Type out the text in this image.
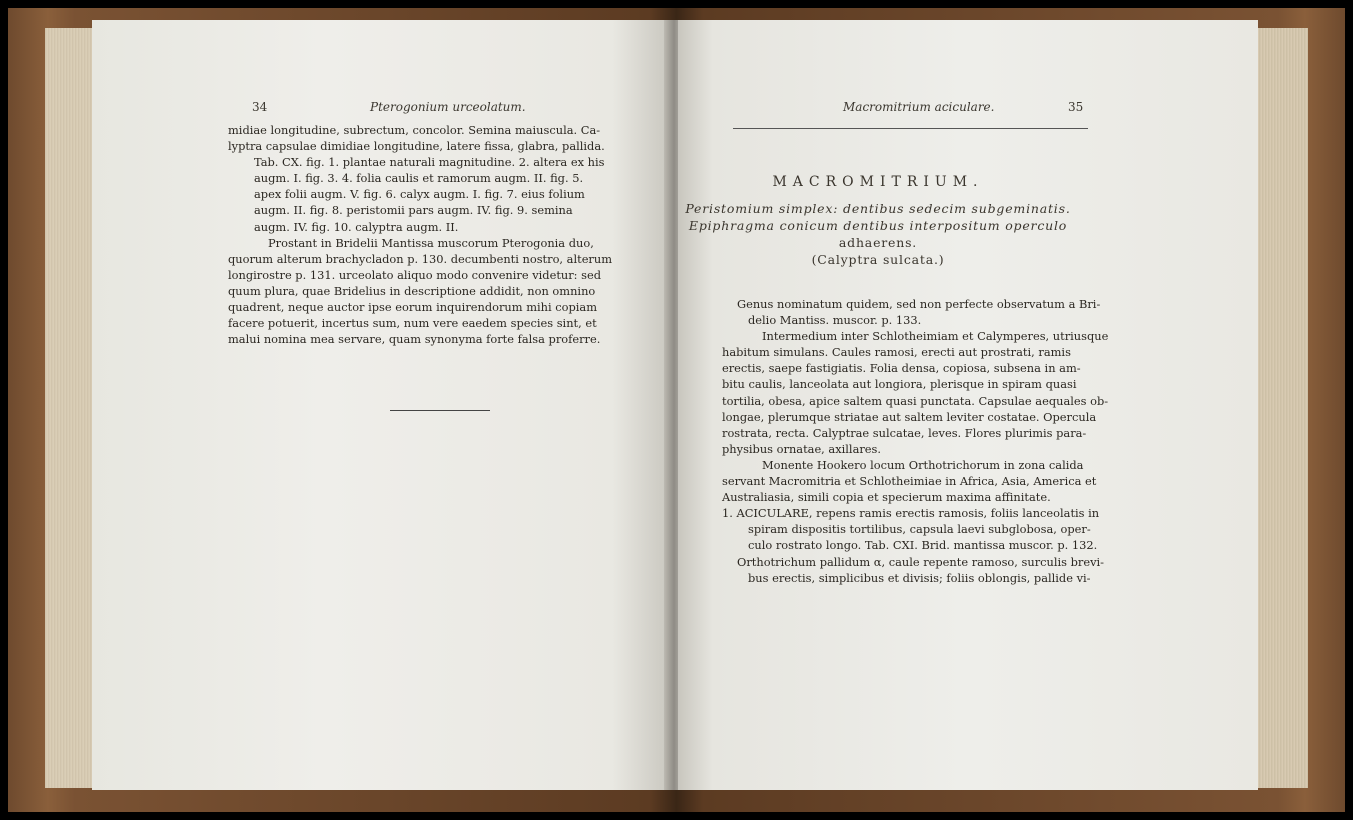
34	Pterogonium urceolatum.

midiae longitudine, subrectum, concolor. Semina maiuscula. Ca-

lyptra capsulae dimidiae longitudine, latere fissa, glabra, pallida.

Tab. CX. fig. 1. plantae naturali magnitudine. 2. altera ex his

augm. I. fig. 3. 4. folia caulis et ramorum augm. II. fig. 5.

apex folii augm. V. fig. 6. calyx augm. I. fig. 7. eius folium

augm. II. fig. 8. peristomii pars augm. IV. fig. 9. semina

augm. IV. fig. 10. calyptra augm. II.

Prostant in Bridelii Mantissa muscorum Pterogonia duo,

quorum alterum brachycladon p. 130. decumbenti nostro, alterum

longirostre p. 131. urceolato aliquo modo convenire videtur: sed

quum plura, quae Bridelius in descriptione addidit, non omnino

quadrent, neque auctor ipse eorum inquirendorum mihi copiam

facere potuerit, incertus sum, num vere eaedem species sint, et

malui nomina mea servare, quam synonyma forte falsa proferre.

Macromitrium aciculare.	35
MACROMITRIUM.
Peristomium simplex: dentibus sedecim subgeminatis.
Epiphragma conicum dentibus interpositum operculo
adhaerens.
(Calyptra sulcata.)

Genus nominatum quidem, sed non perfecte observatum a Bri-

delio Mantiss. muscor. p. 133.

Intermedium inter Schlotheimiam et Calymperes, utriusque

habitum simulans. Caules ramosi, erecti aut prostrati, ramis

erectis, saepe fastigiatis. Folia densa, copiosa, subsena in am-

bitu caulis, lanceolata aut longiora, plerisque in spiram quasi

tortilia, obesa, apice saltem quasi punctata. Capsulae aequales ob-

longae, plerumque striatae aut saltem leviter costatae. Opercula

rostrata, recta. Calyptrae sulcatae, leves. Flores plurimis para-

physibus ornatae, axillares.

Monente Hookero locum Orthotrichorum in zona calida

servant Macromitria et Schlotheimiae in Africa, Asia, America et

Australiasia, simili copia et specierum maxima affinitate.

1. ACICULARE, repens ramis erectis ramosis, foliis lanceolatis in

spiram dispositis tortilibus, capsula laevi subglobosa, oper-

culo rostrato longo. Tab. CXI. Brid. mantissa muscor. p. 132.

Orthotrichum pallidum α, caule repente ramoso, surculis brevi-

bus erectis, simplicibus et divisis; foliis oblongis, pallide vi-
